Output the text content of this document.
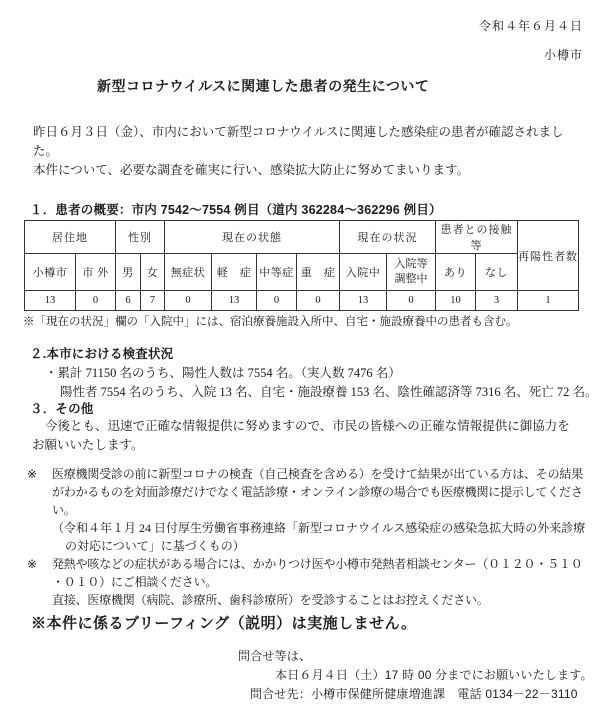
令和４年６月４日
小樽市
新型コロナウイルスに関連した患者の発生について
昨日６月３日（金）、市内において新型コロナウイルスに関連した感染症の患者が確認されました。
本件について、必要な調査を確実に行い、感染拡大防止に努めてまいります。
１．患者の概要：市内 7542～7554 例目（道内 362284～362296 例目）
居住地		性別		現在の状態				現在の状況		患者との接触等		再陽性者数
小樽市	市 外	男	女	無症状	軽　症	中等症	重　症	入院中	入院等調整中	あり	なし	
13	0	6	7	0	13	0	0	13	0	10	3	1
※「現在の状況」欄の「入院中」には、宿泊療養施設入所中、自宅・施設療養中の患者も含む。
２.本市における検査状況
・累計 71150 名のうち、陽性人数は 7554 名。（実人数 7476 名）
陽性者 7554 名のうち、入院 13 名、自宅・施設療養 153 名、陰性確認済等 7316 名、死亡 72 名。
３．その他
今後とも、迅速で正確な情報提供に努めますので、市民の皆様への正確な情報提供に御協力を
お願いいたします。
※	医療機関受診の前に新型コロナの検査（自己検査を含める）を受けて結果が出ている方は、その結果
がわかるものを対面診療だけでなく電話診療・オンライン診療の場合でも医療機関に提示してくださ
い。
（令和４年１月 24 日付厚生労働省事務連絡「新型コロナウイルス感染症の感染急拡大時の外来診療
の対応について」に基づくもの）
※	発熱や咳などの症状がある場合には、かかりつけ医や小樽市発熱者相談センター（０１２０・５１０
・０１０）にご相談ください。
直接、医療機関（病院、診療所、歯科診療所）を受診することはお控えください。
※本件に係るブリーフィング（説明）は実施しません。
問合せ等は、
本日６月４日（土）17 時 00 分までにお願いいたします。
問合せ先：小樽市保健所健康増進課　電話 0134－22－3110
